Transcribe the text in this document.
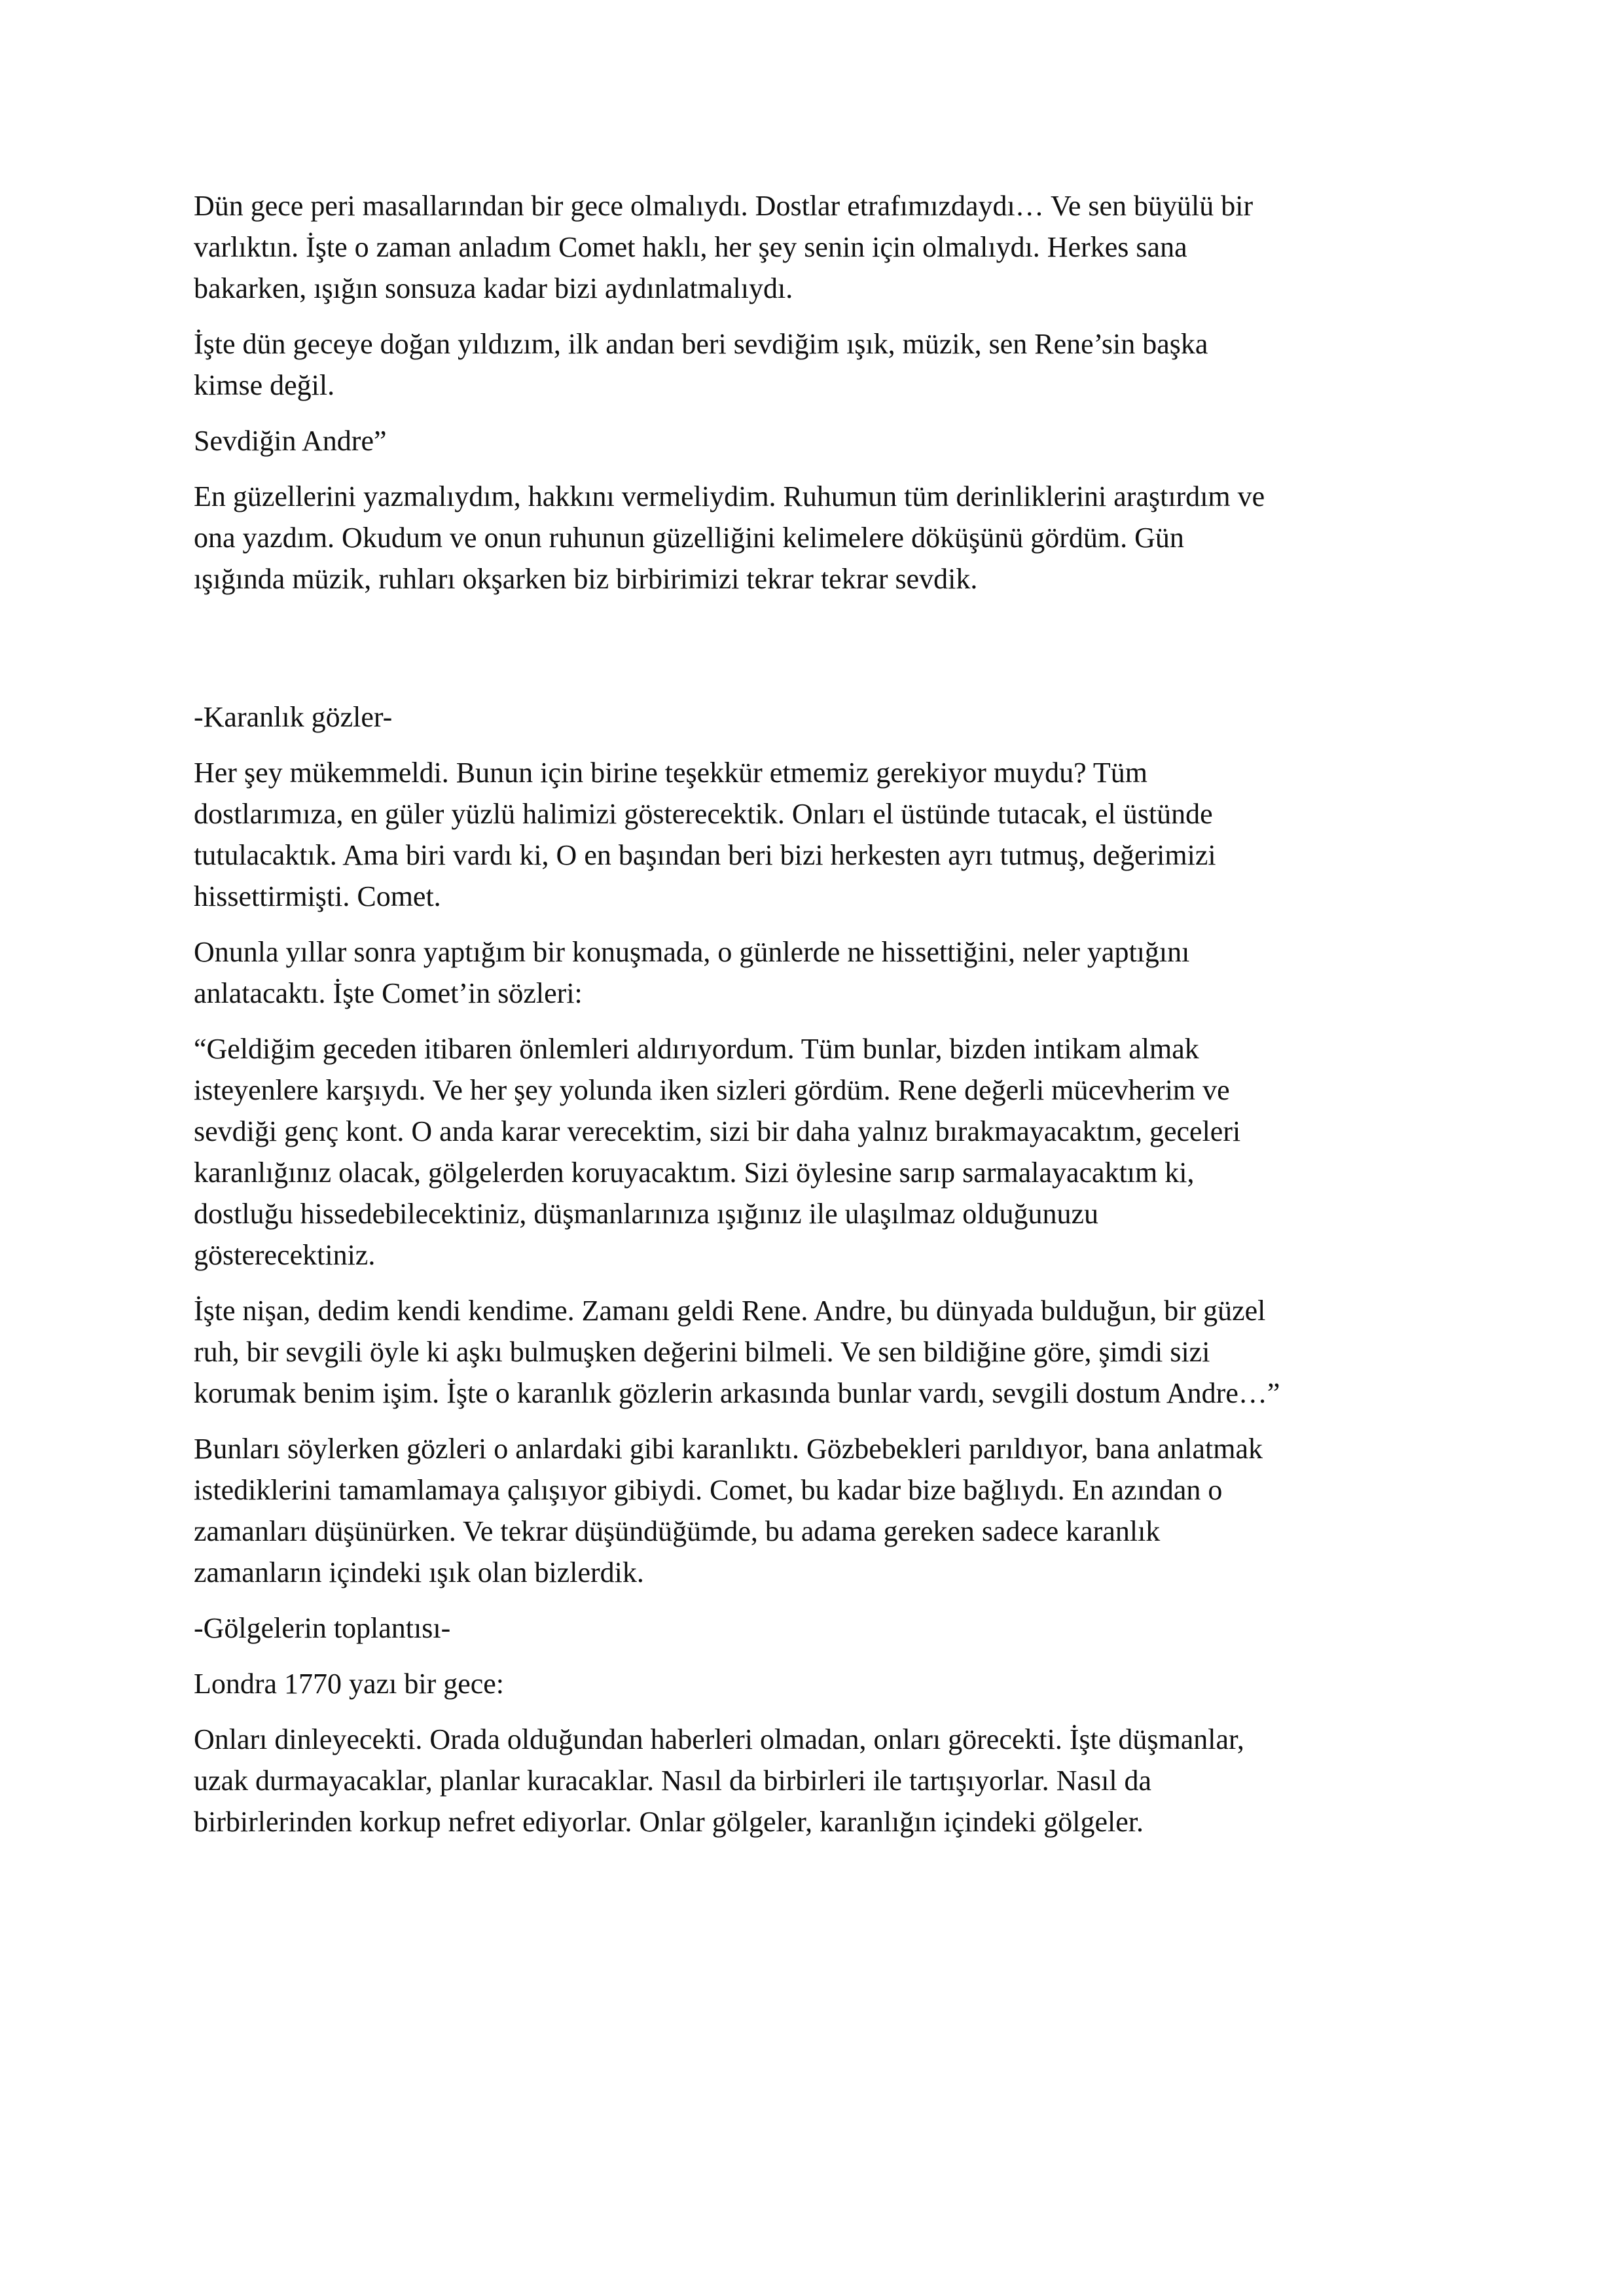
Dün gece peri masallarından bir gece olmalıydı. Dostlar etrafımızdaydı… Ve sen büyülü bir
varlıktın. İşte o zaman anladım Comet haklı, her şey senin için olmalıydı. Herkes sana
bakarken, ışığın sonsuza kadar bizi aydınlatmalıydı.

İşte dün geceye doğan yıldızım, ilk andan beri sevdiğim ışık, müzik, sen Rene’sin başka
kimse değil.

Sevdiğin Andre”

En güzellerini yazmalıydım, hakkını vermeliydim. Ruhumun tüm derinliklerini araştırdım ve
ona yazdım. Okudum ve onun ruhunun güzelliğini kelimelere döküşünü gördüm. Gün
ışığında müzik, ruhları okşarken biz birbirimizi tekrar tekrar sevdik.

-Karanlık gözler-

Her şey mükemmeldi. Bunun için birine teşekkür etmemiz gerekiyor muydu? Tüm
dostlarımıza, en güler yüzlü halimizi gösterecektik. Onları el üstünde tutacak, el üstünde
tutulacaktık. Ama biri vardı ki, O en başından beri bizi herkesten ayrı tutmuş, değerimizi
hissettirmişti. Comet.

Onunla yıllar sonra yaptığım bir konuşmada, o günlerde ne hissettiğini, neler yaptığını
anlatacaktı. İşte Comet’in sözleri:

“Geldiğim geceden itibaren önlemleri aldırıyordum. Tüm bunlar, bizden intikam almak
isteyenlere karşıydı. Ve her şey yolunda iken sizleri gördüm. Rene değerli mücevherim ve
sevdiği genç kont. O anda karar verecektim, sizi bir daha yalnız bırakmayacaktım, geceleri
karanlığınız olacak, gölgelerden koruyacaktım. Sizi öylesine sarıp sarmalayacaktım ki,
dostluğu hissedebilecektiniz, düşmanlarınıza ışığınız ile ulaşılmaz olduğunuzu
gösterecektiniz.

İşte nişan, dedim kendi kendime. Zamanı geldi Rene. Andre, bu dünyada bulduğun, bir güzel
ruh, bir sevgili öyle ki aşkı bulmuşken değerini bilmeli. Ve sen bildiğine göre, şimdi sizi
korumak benim işim. İşte o karanlık gözlerin arkasında bunlar vardı, sevgili dostum Andre…”

Bunları söylerken gözleri o anlardaki gibi karanlıktı. Gözbebekleri parıldıyor, bana anlatmak
istediklerini tamamlamaya çalışıyor gibiydi. Comet, bu kadar bize bağlıydı. En azından o
zamanları düşünürken. Ve tekrar düşündüğümde, bu adama gereken sadece karanlık
zamanların içindeki ışık olan bizlerdik.

-Gölgelerin toplantısı-

Londra 1770 yazı bir gece:

Onları dinleyecekti. Orada olduğundan haberleri olmadan, onları görecekti. İşte düşmanlar,
uzak durmayacaklar, planlar kuracaklar. Nasıl da birbirleri ile tartışıyorlar. Nasıl da
birbirlerinden korkup nefret ediyorlar. Onlar gölgeler, karanlığın içindeki gölgeler.
